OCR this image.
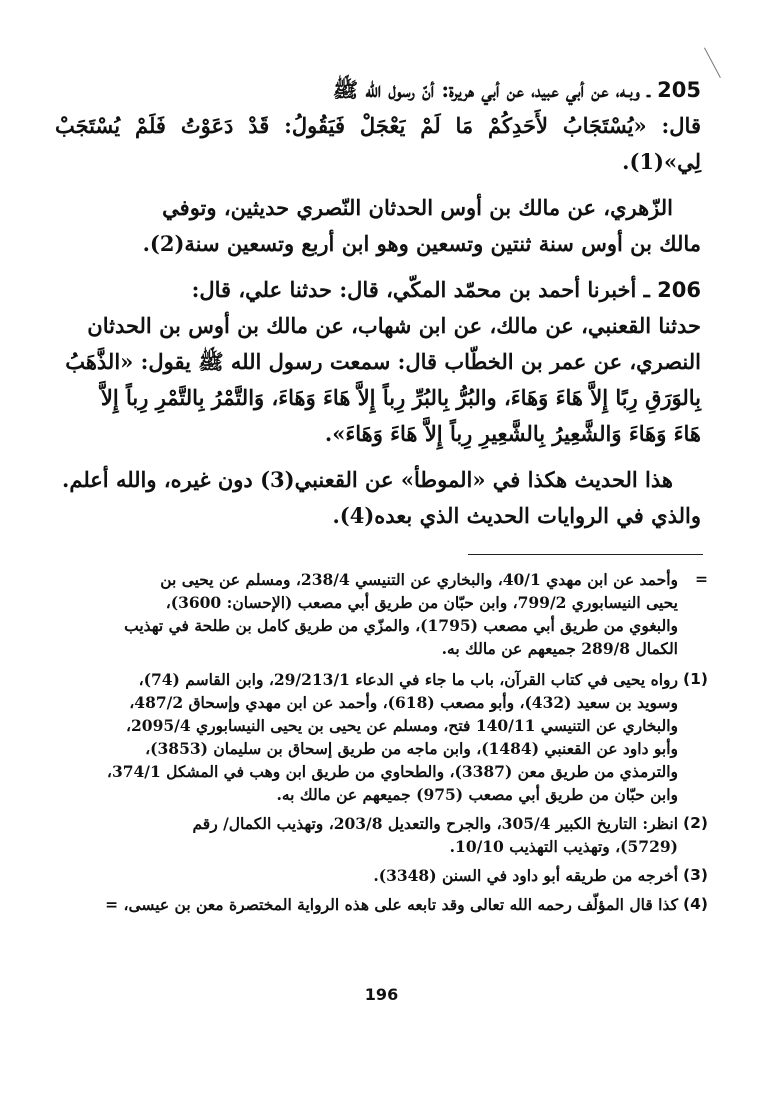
205 ـ وبـه، عن أبي عبيد، عن أبي هريرة: أنّ رسول الله ﷺ
قال: «يُسْتَجَابُ لأَحَدِكُمْ مَا لَمْ يَعْجَلْ فَيَقُولُ: قَدْ دَعَوْتُ فَلَمْ يُسْتَجَبْ لِي»(1).

الزّهري، عن مالك بن أوس الحدثان النّصري حديثين، وتوفي
مالك بن أوس سنة ثنتين وتسعين وهو ابن أربع وتسعين سنة(2).

206 ـ أخبرنا أحمد بن محمّد المكّي، قال: حدثنا علي، قال:
حدثنا القعنبي، عن مالك، عن ابن شهاب، عن مالك بن أوس بن الحدثان
النصري، عن عمر بن الخطّاب قال: سمعت رسول الله ﷺ يقول: «الذَّهَبُ
بِالوَرَقِ رِبًا إِلاَّ هَاءَ وَهَاءَ، والبُرُّ بِالبُرِّ رِباً إِلاَّ هَاءَ وَهَاءَ، وَالتَّمْرُ بِالتَّمْرِ رِباً إِلاَّ
هَاءَ وَهَاءَ وَالشَّعِيرُ بِالشَّعِيرِ رِباً إِلاَّ هَاءَ وَهَاءَ».

هذا الحديث هكذا في «الموطأ» عن القعنبي(3) دون غيره، والله أعلم.
والذي في الروايات الحديث الذي بعده(4).

=
وأحمد عن ابن مهدي 40/1، والبخاري عن التنيسي 238/4، ومسلم عن يحيى بن
يحيى النيسابوري 799/2، وابن حبّان من طريق أبي مصعب (الإحسان: 3600)،
والبغوي من طريق أبي مصعب (1795)، والمزّي من طريق كامل بن طلحة في تهذيب
الكمال 289/8 جميعهم عن مالك به.
(1)
رواه يحيى في كتاب القرآن، باب ما جاء في الدعاء 29/213/1، وابن القاسم (74)،
وسويد بن سعيد (432)، وأبو مصعب (618)، وأحمد عن ابن مهدي وإسحاق 487/2،
والبخاري عن التنيسي 140/11 فتح، ومسلم عن يحيى بن يحيى النيسابوري 2095/4،
وأبو داود عن القعنبي (1484)، وابن ماجه من طريق إسحاق بن سليمان (3853)،
والترمذي من طريق معن (3387)، والطحاوي من طريق ابن وهب في المشكل 374/1،
وابن حبّان من طريق أبي مصعب (975) جميعهم عن مالك به.
(2)
انظر: التاريخ الكبير 305/4، والجرح والتعديل 203/8، وتهذيب الكمال/ رقم
(5729)، وتهذيب التهذيب 10/10.
(3)
أخرجه من طريقه أبو داود في السنن (3348).
(4)
كذا قال المؤلّف رحمه الله تعالى وقد تابعه على هذه الرواية المختصرة معن بن عيسى، =
196
